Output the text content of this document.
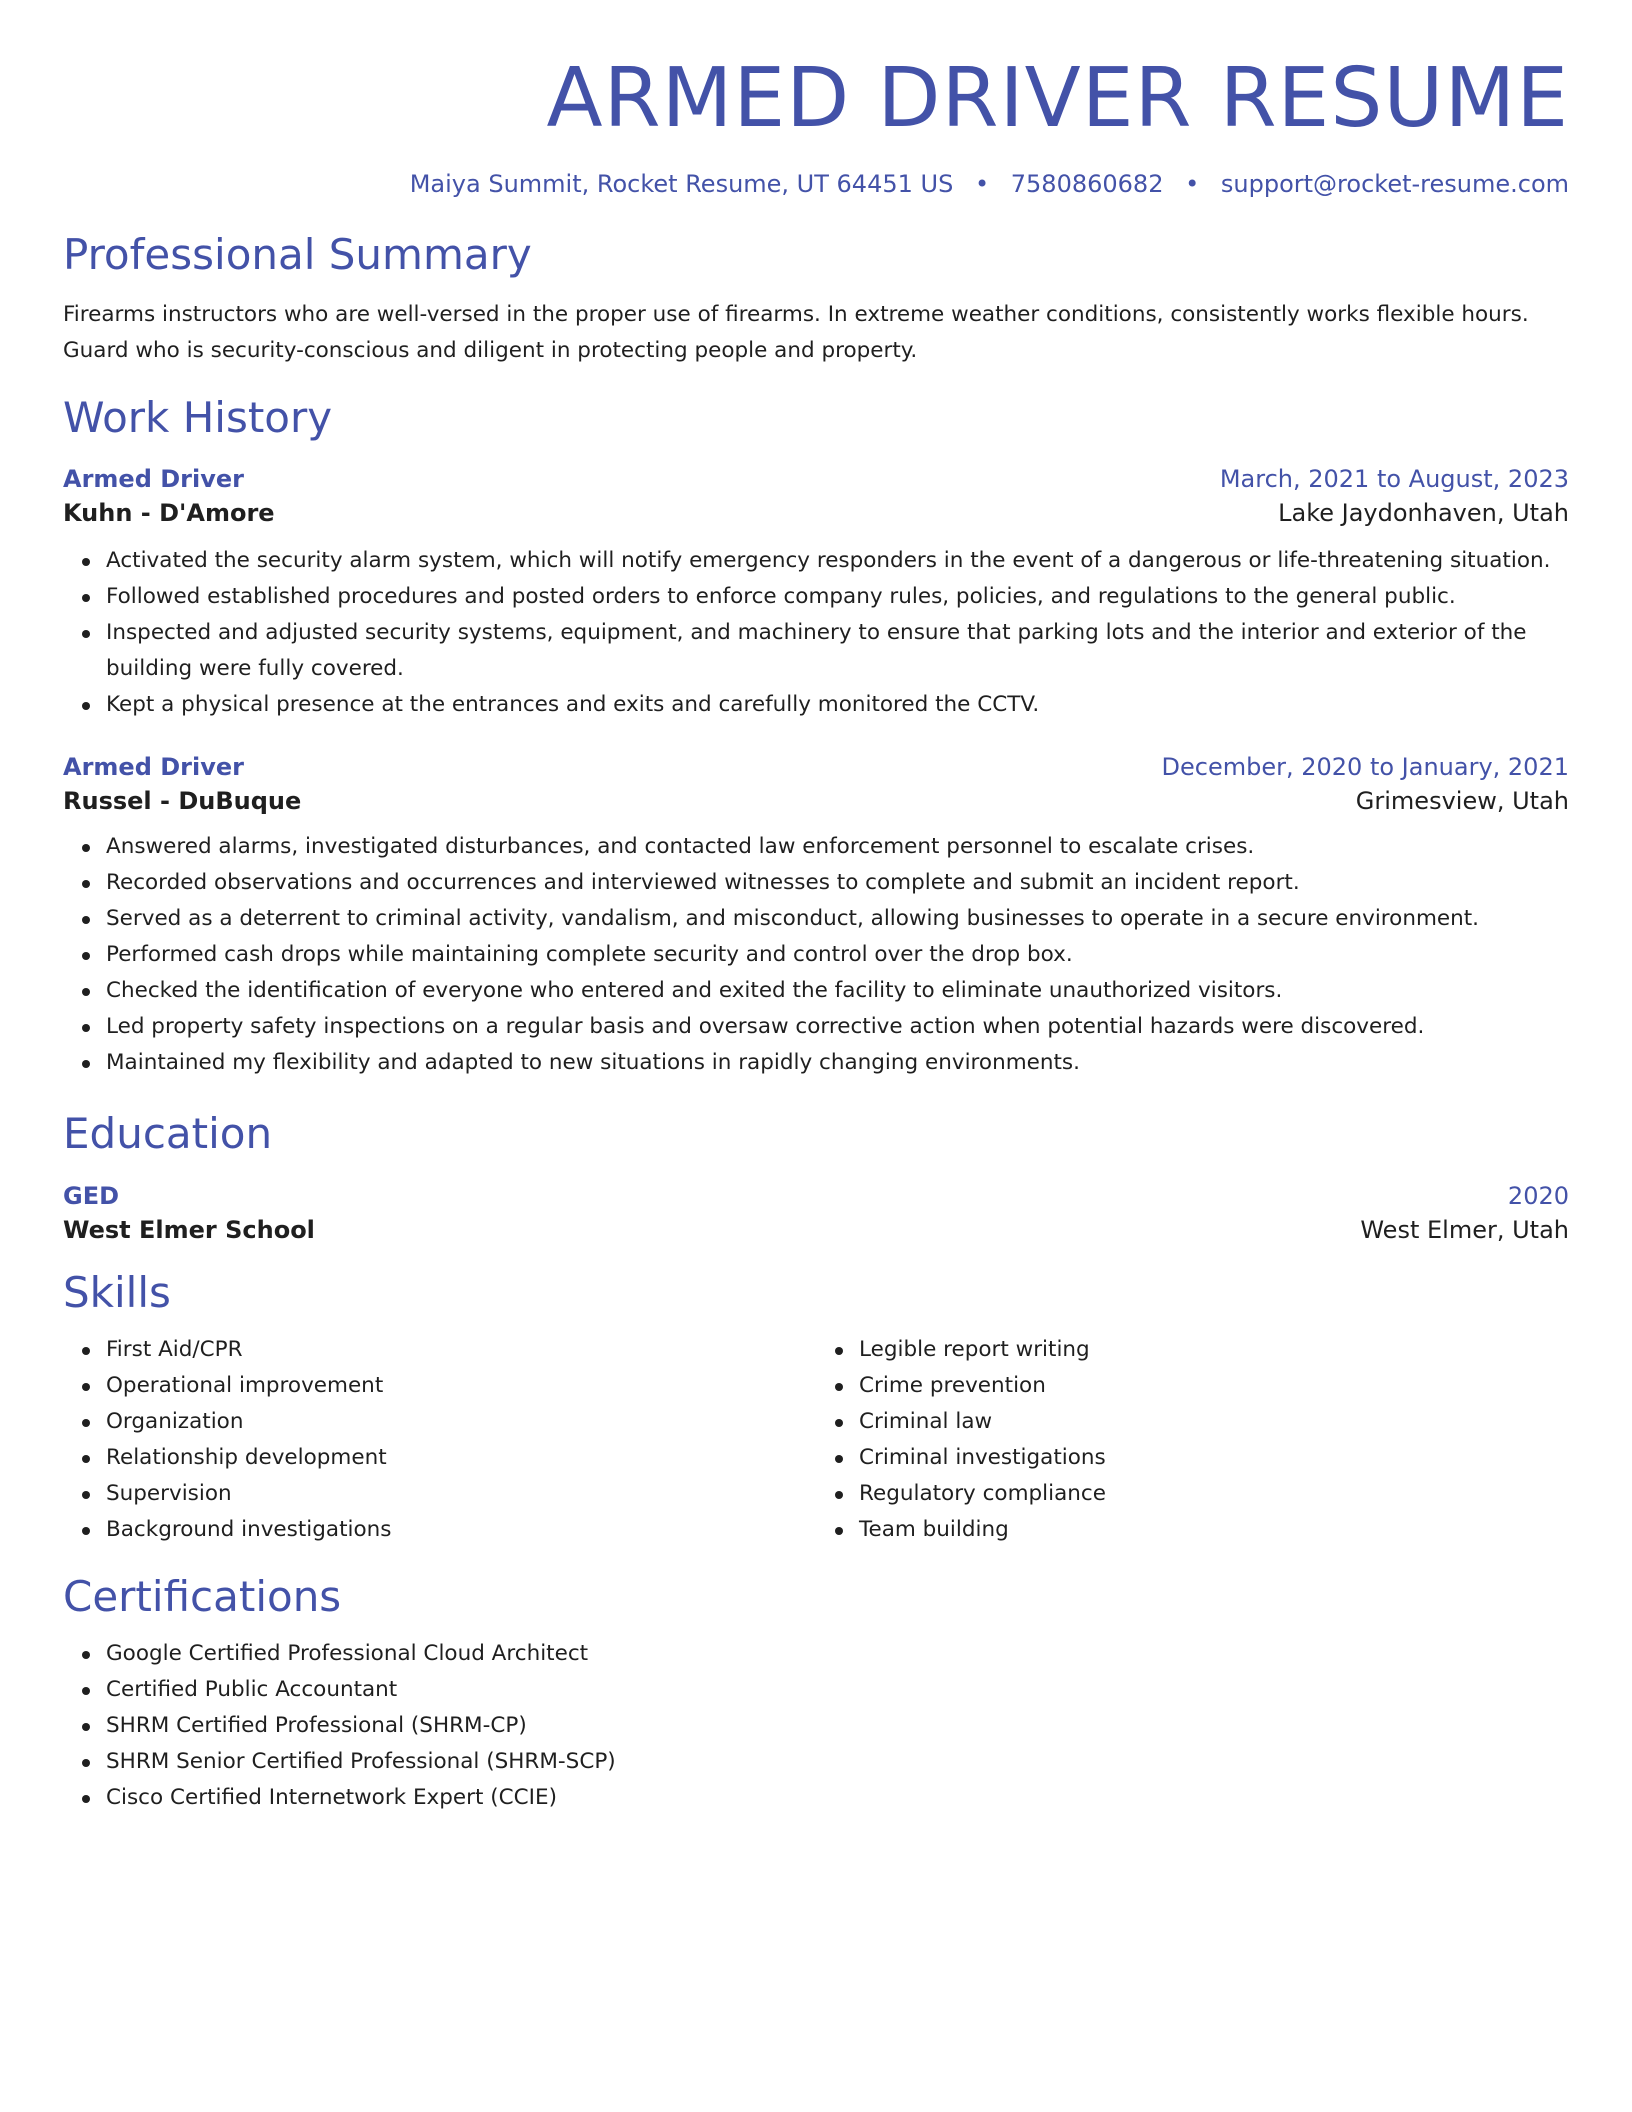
ARMED DRIVER RESUME
Maiya Summit, Rocket Resume, UT 64451 US • 7580860682 • support@rocket-resume.com
Professional Summary
Firearms instructors who are well-versed in the proper use of firearms. In extreme weather conditions, consistently works flexible hours. Guard who is security-conscious and diligent in protecting people and property.
Work History
Armed Driver	March, 2021 to August, 2023
Kuhn - D'Amore	Lake Jaydonhaven, Utah
Activated the security alarm system, which will notify emergency responders in the event of a dangerous or life-threatening situation.
Followed established procedures and posted orders to enforce company rules, policies, and regulations to the general public.
Inspected and adjusted security systems, equipment, and machinery to ensure that parking lots and the interior and exterior of the building were fully covered.
Kept a physical presence at the entrances and exits and carefully monitored the CCTV.
Armed Driver	December, 2020 to January, 2021
Russel - DuBuque	Grimesview, Utah
Answered alarms, investigated disturbances, and contacted law enforcement personnel to escalate crises.
Recorded observations and occurrences and interviewed witnesses to complete and submit an incident report.
Served as a deterrent to criminal activity, vandalism, and misconduct, allowing businesses to operate in a secure environment.
Performed cash drops while maintaining complete security and control over the drop box.
Checked the identification of everyone who entered and exited the facility to eliminate unauthorized visitors.
Led property safety inspections on a regular basis and oversaw corrective action when potential hazards were discovered.
Maintained my flexibility and adapted to new situations in rapidly changing environments.
Education
GED	2020
West Elmer School	West Elmer, Utah
Skills
First Aid/CPR
Operational improvement
Organization
Relationship development
Supervision
Background investigations
Legible report writing
Crime prevention
Criminal law
Criminal investigations
Regulatory compliance
Team building
Certifications
Google Certified Professional Cloud Architect
Certified Public Accountant
SHRM Certified Professional (SHRM-CP)
SHRM Senior Certified Professional (SHRM-SCP)
Cisco Certified Internetwork Expert (CCIE)
